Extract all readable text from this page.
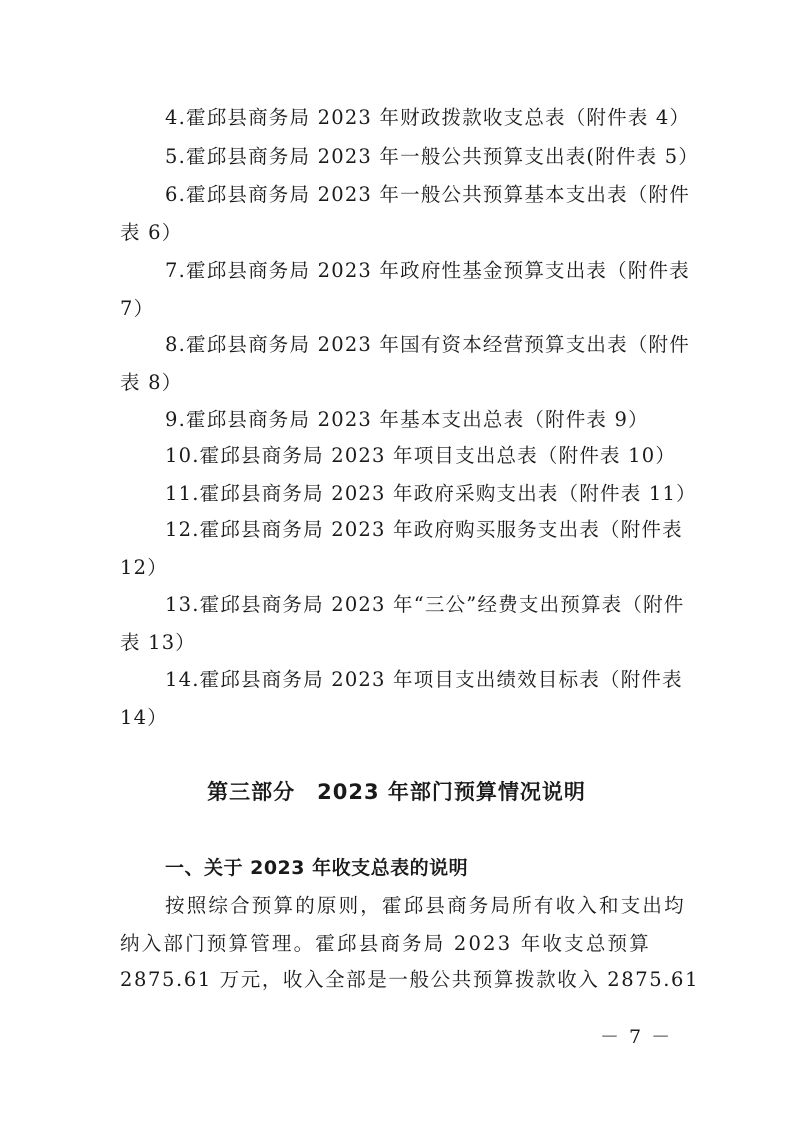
4.霍邱县商务局 2023 年财政拨款收支总表（附件表 4）
5.霍邱县商务局 2023 年一般公共预算支出表(附件表 5）
6.霍邱县商务局 2023 年一般公共预算基本支出表（附件
表 6）
7.霍邱县商务局 2023 年政府性基金预算支出表（附件表
7）
8.霍邱县商务局 2023 年国有资本经营预算支出表（附件
表 8）
9.霍邱县商务局 2023 年基本支出总表（附件表 9）
10.霍邱县商务局 2023 年项目支出总表（附件表 10）
11.霍邱县商务局 2023 年政府采购支出表（附件表 11）
12.霍邱县商务局 2023 年政府购买服务支出表（附件表
12）
13.霍邱县商务局 2023 年“三公”经费支出预算表（附件
表 13）
14.霍邱县商务局 2023 年项目支出绩效目标表（附件表
14）
第三部分　2023 年部门预算情况说明
一、关于 2023 年收支总表的说明
按照综合预算的原则，霍邱县商务局所有收入和支出均
纳入部门预算管理。霍邱县商务局 2023 年收支总预算
2875.61 万元，收入全部是一般公共预算拨款收入 2875.61
－ 7 －
